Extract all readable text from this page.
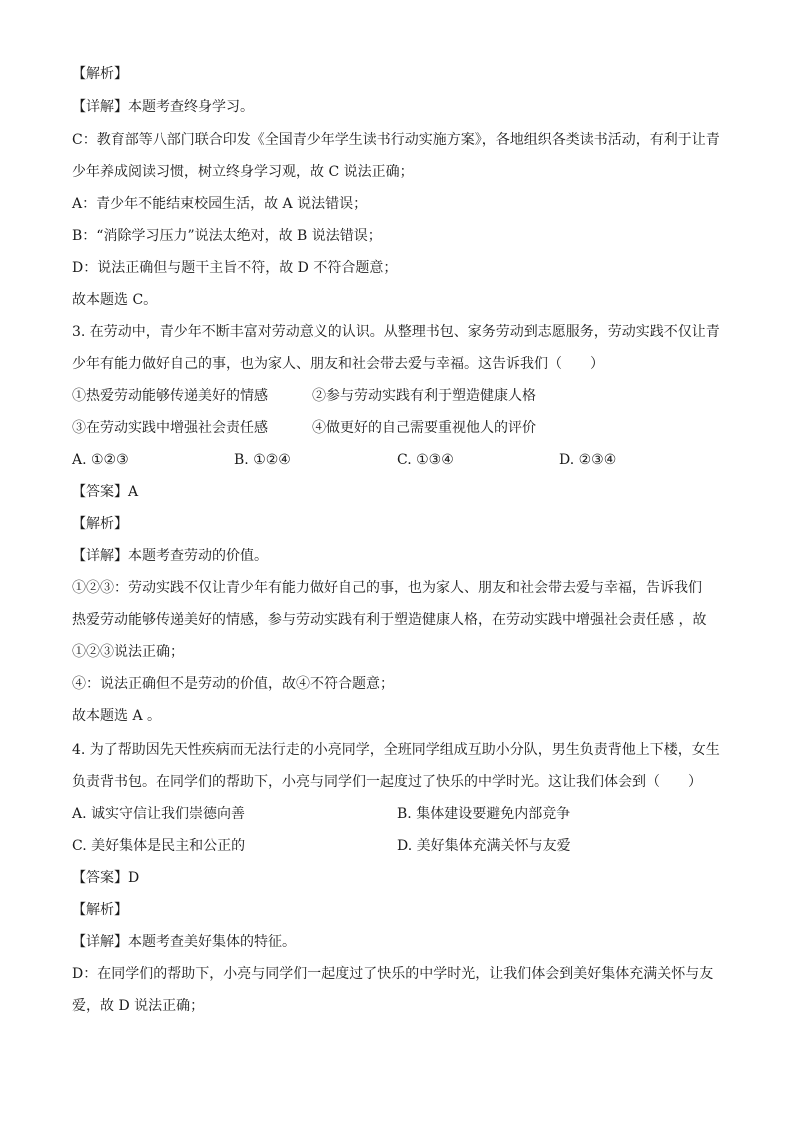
【解析】
【详解】本题考查终身学习。
C：教育部等八部门联合印发《全国青少年学生读书行动实施方案》，各地组织各类读书活动，有利于让青
少年养成阅读习惯，树立终身学习观，故 C 说法正确；
A：青少年不能结束校园生活，故 A 说法错误；
B：“消除学习压力”说法太绝对，故 B 说法错误；
D：说法正确但与题干主旨不符，故 D 不符合题意；
故本题选 C。
3. 在劳动中，青少年不断丰富对劳动意义的认识。从整理书包、家务劳动到志愿服务，劳动实践不仅让青
少年有能力做好自己的事，也为家人、朋友和社会带去爱与幸福。这告诉我们（　　）
①热爱劳动能够传递美好的情感	②参与劳动实践有利于塑造健康人格
③在劳动实践中增强社会责任感	④做更好的自己需要重视他人的评价
A. ①②③	B. ①②④	C. ①③④	D. ②③④
【答案】A
【解析】
【详解】本题考查劳动的价值。
①②③：劳动实践不仅让青少年有能力做好自己的事，也为家人、朋友和社会带去爱与幸福，告诉我们
热爱劳动能够传递美好的情感，参与劳动实践有利于塑造健康人格，在劳动实践中增强社会责任感 ，故
①②③说法正确；
④：说法正确但不是劳动的价值，故④不符合题意；
故本题选 A 。
4. 为了帮助因先天性疾病而无法行走的小亮同学，全班同学组成互助小分队，男生负责背他上下楼，女生
负责背书包。在同学们的帮助下，小亮与同学们一起度过了快乐的中学时光。这让我们体会到（　　）
A. 诚实守信让我们崇德向善	B. 集体建设要避免内部竞争
C. 美好集体是民主和公正的	D. 美好集体充满关怀与友爱
【答案】D
【解析】
【详解】本题考查美好集体的特征。
D：在同学们的帮助下，小亮与同学们一起度过了快乐的中学时光，让我们体会到美好集体充满关怀与友
爱，故 D 说法正确；
